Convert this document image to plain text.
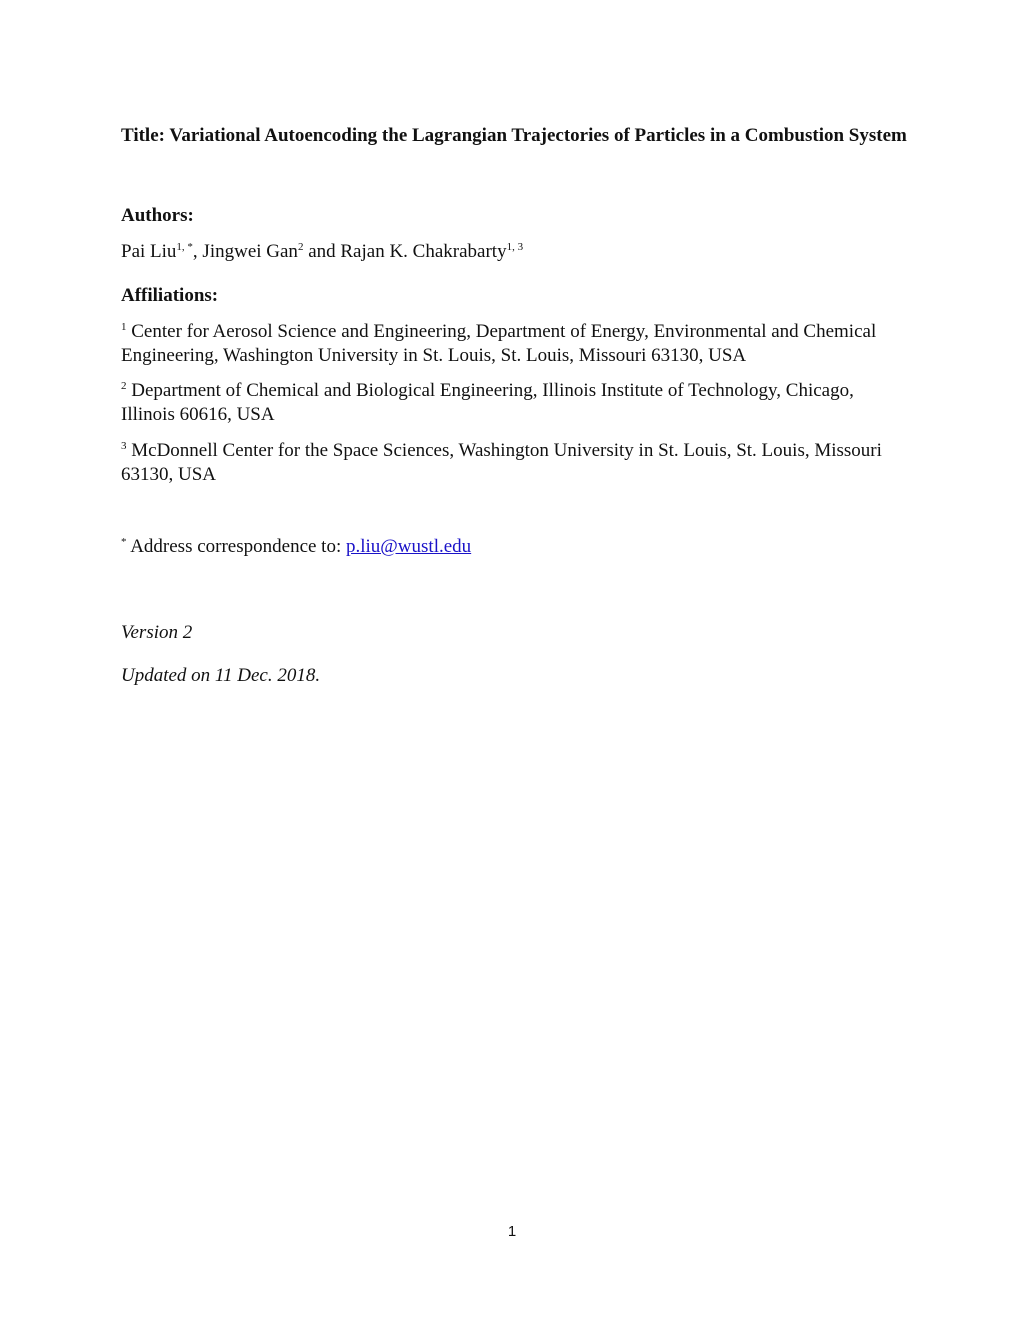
Title: Variational Autoencoding the Lagrangian Trajectories of Particles in a Combustion System
Authors:
Pai Liu$^{1, *}$, Jingwei Gan$^2$ and Rajan K. Chakrabarty$^{1, 3}$
Affiliations:
$^1$ Center for Aerosol Science and Engineering, Department of Energy, Environmental and Chemical Engineering, Washington University in St. Louis, St. Louis, Missouri 63130, USA
$^2$ Department of Chemical and Biological Engineering, Illinois Institute of Technology, Chicago, Illinois 60616, USA
$^3$ McDonnell Center for the Space Sciences, Washington University in St. Louis, St. Louis, Missouri 63130, USA
* Address correspondence to: p.liu@wustl.edu
Version 2
Updated on 11 Dec. 2018.
1
